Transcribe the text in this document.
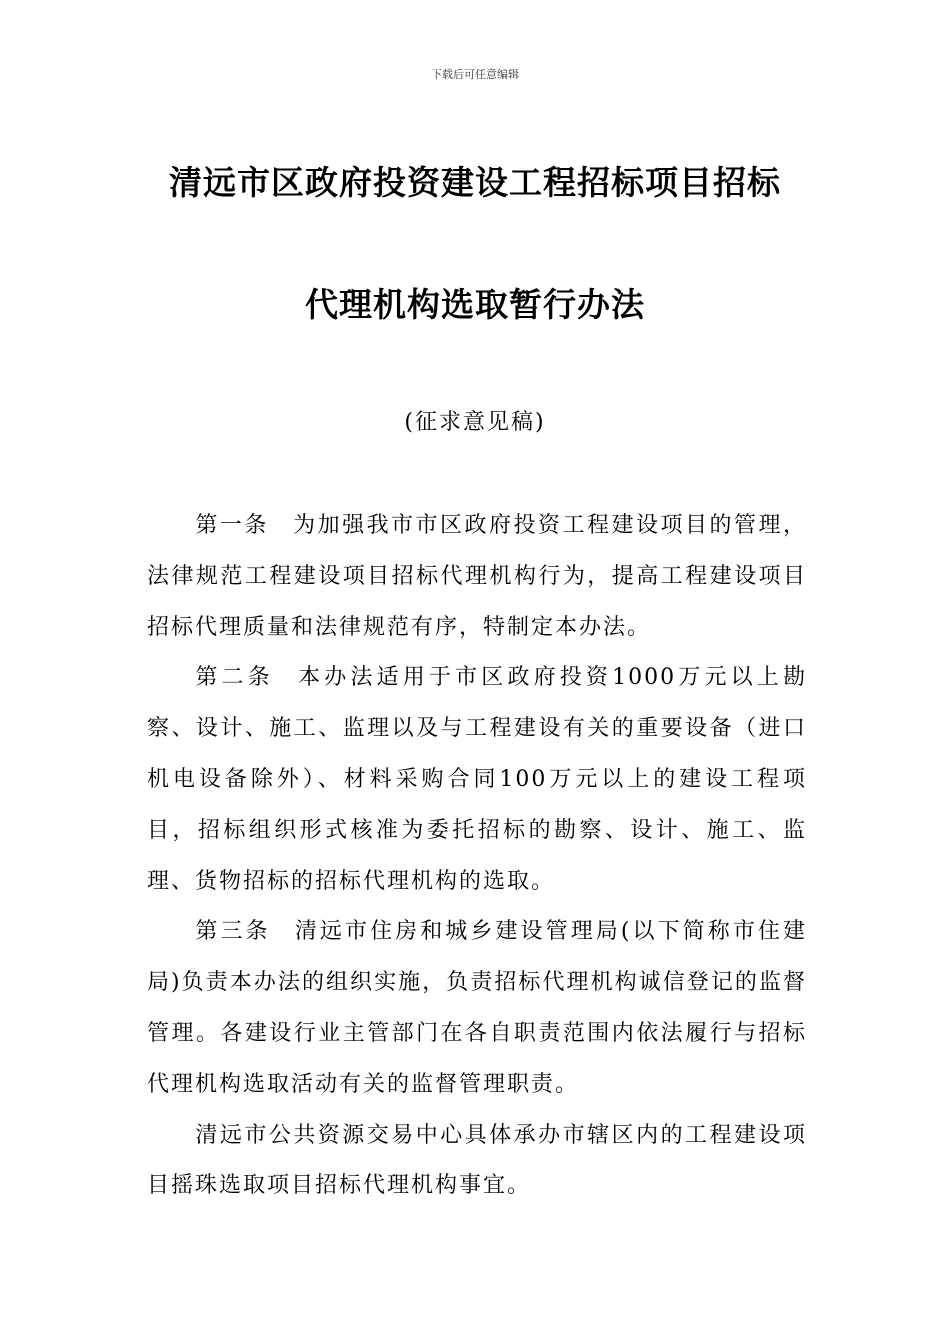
下载后可任意编辑
清远市区政府投资建设工程招标项目招标
代理机构选取暂行办法
(征求意见稿)

第一条 为加强我市市区政府投资工程建设项目的管理，法律规范工程建设项目招标代理机构行为，提高工程建设项目招标代理质量和法律规范有序，特制定本办法。

第二条 本办法适用于市区政府投资1000万元以上勘察、设计、施工、监理以及与工程建设有关的重要设备（进口机电设备除外）、材料采购合同100万元以上的建设工程项目，招标组织形式核准为委托招标的勘察、设计、施工、监理、货物招标的招标代理机构的选取。

第三条 清远市住房和城乡建设管理局(以下简称市住建局)负责本办法的组织实施，负责招标代理机构诚信登记的监督管理。各建设行业主管部门在各自职责范围内依法履行与招标代理机构选取活动有关的监督管理职责。

清远市公共资源交易中心具体承办市辖区内的工程建设项目摇珠选取项目招标代理机构事宜。
